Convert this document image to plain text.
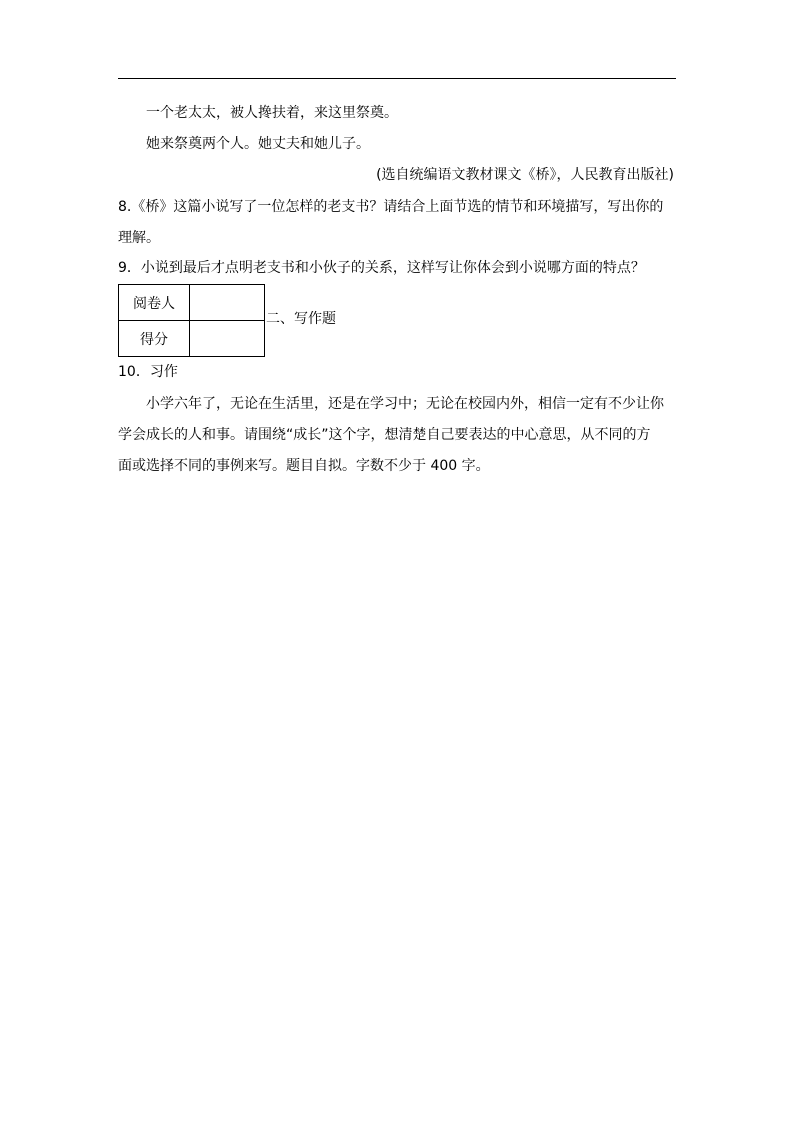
一个老太太，被人搀扶着，来这里祭奠。
她来祭奠两个人。她丈夫和她儿子。
(选自统编语文教材课文《桥》，人民教育出版社)
8.《桥》这篇小说写了一位怎样的老支书？请结合上面节选的情节和环境描写，写出你的
理解。
9．小说到最后才点明老支书和小伙子的关系，这样写让你体会到小说哪方面的特点？
阅卷人	
得分	
二、写作题
10．习作
小学六年了，无论在生活里，还是在学习中；无论在校园内外，相信一定有不少让你
学会成长的人和事。请围绕“成长”这个字，想清楚自己要表达的中心意思，从不同的方
面或选择不同的事例来写。题目自拟。字数不少于 400 字。
